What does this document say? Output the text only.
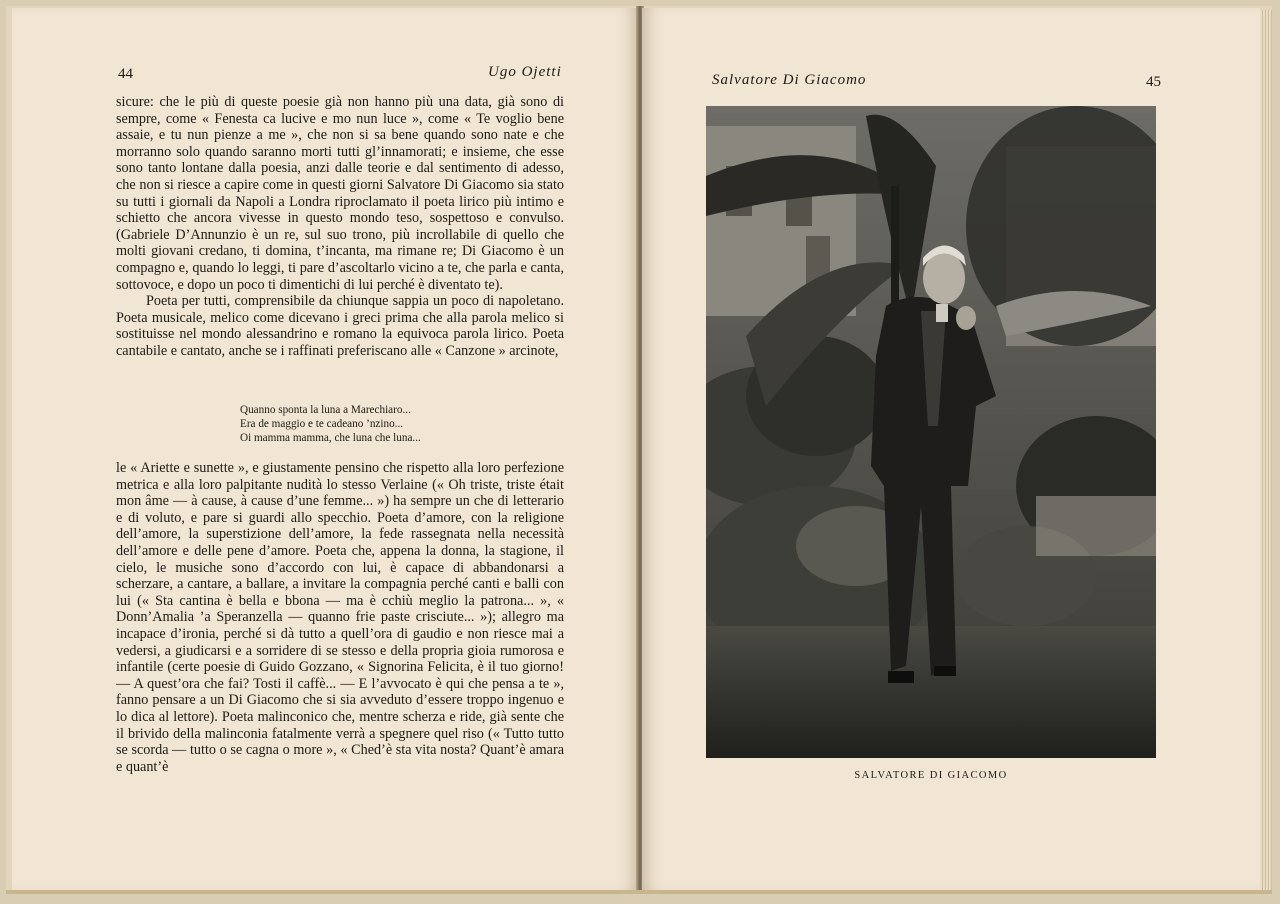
44	Ugo Ojetti

sicure: che le più di queste poesie già non hanno più una data, già sono di sempre, come « Fenesta ca lucive e mo nun luce », come « Te voglio bene assaie, e tu nun pienze a me », che non si sa bene quando sono nate e che morranno solo quando saranno morti tutti gl’innamorati; e insieme, che esse sono tanto lontane dalla poesia, anzi dalle teorie e dal sentimento di adesso, che non si riesce a capire come in questi giorni Salvatore Di Giacomo sia stato su tutti i giornali da Napoli a Londra riproclamato il poeta lirico più intimo e schietto che ancora vivesse in questo mondo teso, sospettoso e convulso. (Gabriele D’Annunzio è un re, sul suo trono, più incrollabile di quello che molti giovani credano, ti domina, t’incanta, ma rimane re; Di Giacomo è un compagno e, quando lo leggi, ti pare d’ascoltarlo vicino a te, che parla e canta, sottovoce, e dopo un poco ti dimentichi di lui perché è diventato te).

Poeta per tutti, comprensibile da chiunque sappia un poco di napoletano. Poeta musicale, melico come dicevano i greci prima che alla parola melico si sostituisse nel mondo alessandrino e romano la equivoca parola lirico. Poeta cantabile e cantato, anche se i raffinati preferiscano alle « Canzone » arcinote,

Quanno sponta la luna a Marechiaro...
Era de maggio e te cadeano ’nzino...
Oi mamma mamma, che luna che luna...

le « Ariette e sunette », e giustamente pensino che rispetto alla loro perfezione metrica e alla loro palpitante nudità lo stesso Verlaine (« Oh triste, triste était mon âme — à cause, à cause d’une femme... ») ha sempre un che di letterario e di voluto, e pare si guardi allo specchio. Poeta d’amore, con la religione dell’amore, la superstizione dell’amore, la fede rassegnata nella necessità dell’amore e delle pene d’amore. Poeta che, appena la donna, la stagione, il cielo, le musiche sono d’accordo con lui, è capace di abbandonarsi a scherzare, a cantare, a ballare, a invitare la compagnia perché canti e balli con lui (« Sta cantina è bella e bbona — ma è cchiù meglio la patrona... », « Donn’Amalia ’a Speranzella — quanno frie paste crisciute... »); allegro ma incapace d’ironia, perché si dà tutto a quell’ora di gaudio e non riesce mai a vedersi, a giudicarsi e a sorridere di se stesso e della propria gioia rumorosa e infantile (certe poesie di Guido Gozzano, « Signorina Felicita, è il tuo giorno! — A quest’ora che fai? Tosti il caffè... — E l’avvocato è qui che pensa a te », fanno pensare a un Di Giacomo che si sia avveduto d’essere troppo ingenuo e lo dica al lettore). Poeta malinconico che, mentre scherza e ride, già sente che il brivido della malinconia fatalmente verrà a spegnere quel riso (« Tutto tutto se scorda — tutto o se cagna o more », « Ched’è sta vita nosta? Quant’è amara e quant’è

Salvatore Di Giacomo	45
SALVATORE DI GIACOMO
